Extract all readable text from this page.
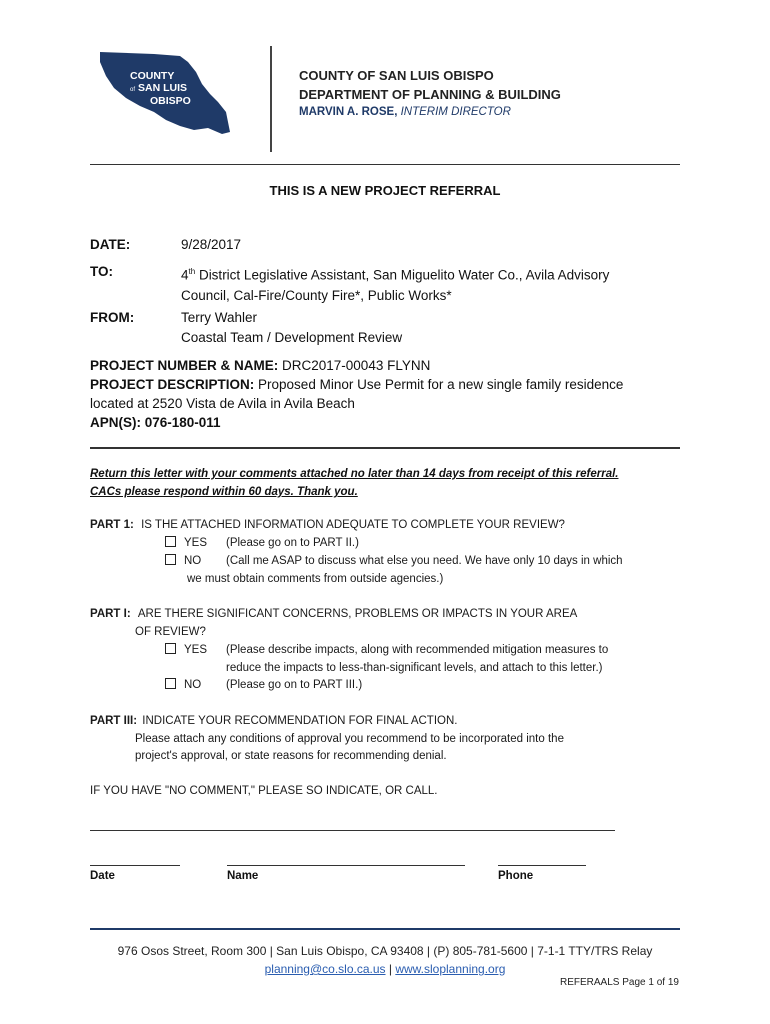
COUNTY
of SAN LUIS
OBISPO
COUNTY OF SAN LUIS OBISPO
DEPARTMENT OF PLANNING & BUILDING
MARVIN A. ROSE, INTERIM DIRECTOR
THIS IS A NEW PROJECT REFERRAL
DATE:	9/28/2017
TO:	4th District Legislative Assistant, San Miguelito Water Co., Avila Advisory
Council, Cal-Fire/County Fire*, Public Works*
FROM:	Terry Wahler
Coastal Team / Development Review
PROJECT NUMBER & NAME: DRC2017-00043 FLYNN
PROJECT DESCRIPTION: Proposed Minor Use Permit for a new single family residence
located at 2520 Vista de Avila in Avila Beach
APN(S): 076-180-011
Return this letter with your comments attached no later than 14 days from receipt of this referral.
CACs please respond within 60 days. Thank you.
PART 1: IS THE ATTACHED INFORMATION ADEQUATE TO COMPLETE YOUR REVIEW?
YES (Please go on to PART II.)
NO (Call me ASAP to discuss what else you need. We have only 10 days in which
we must obtain comments from outside agencies.)
PART I: ARE THERE SIGNIFICANT CONCERNS, PROBLEMS OR IMPACTS IN YOUR AREA
OF REVIEW?
YES (Please describe impacts, along with recommended mitigation measures to
reduce the impacts to less-than-significant levels, and attach to this letter.)
NO (Please go on to PART III.)
PART III: INDICATE YOUR RECOMMENDATION FOR FINAL ACTION.
Please attach any conditions of approval you recommend to be incorporated into the
project's approval, or state reasons for recommending denial.
IF YOU HAVE "NO COMMENT," PLEASE SO INDICATE, OR CALL.
Date	Name	Phone
976 Osos Street, Room 300 | San Luis Obispo, CA 93408 | (P) 805-781-5600 | 7-1-1 TTY/TRS Relay
planning@co.slo.ca.us | www.sloplanning.org
REFERAALS Page 1 of 19
